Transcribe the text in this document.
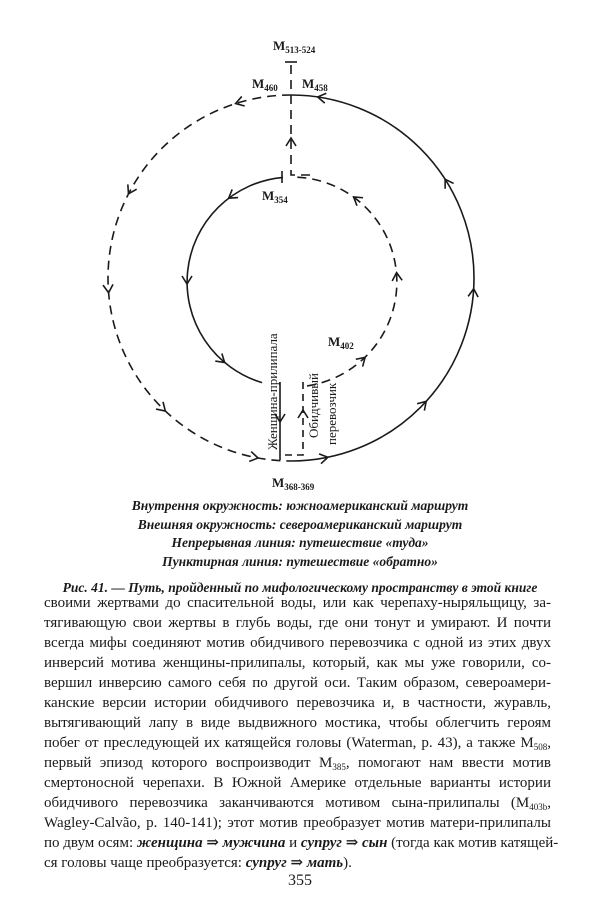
$M_{513-524}$
$M_{460}$ $M_{458}$
$M_{354}$
$M_{402}$
$M_{368-369}$
Женщина-прилипала Обидчивый перевозчик
Внутрення окружность: южноамериканский маршрут
Внешняя окружность: североамериканский маршрут
Непрерывная линия: путешествие «туда»
Пунктирная линия: путешествие «обратно»
Рис. 41. — Путь, пройденный по мифологическому пространству в этой книге
своими жертвами до спасительной воды, или как черепаху-ныряльщицу, за-
тягивающую свои жертвы в глубь воды, где они тонут и умирают. И почти
всегда мифы соединяют мотив обидчивого перевозчика с одной из этих двух
инверсий мотива женщины-прилипалы, который, как мы уже говорили, со-
вершил инверсию самого себя по другой оси. Таким образом, североамери-
канские версии истории обидчивого перевозчика и, в частности, журавль,
вытягивающий лапу в виде выдвижного мостика, чтобы облегчить героям
побег от преследующей их катящейся головы (Waterman, p. 43), а также $M_{508}$,
первый эпизод которого воспроизводит $M_{385}$, помогают нам ввести мотив
смертоносной черепахи. В Южной Америке отдельные варианты истории
обидчивого перевозчика заканчиваются мотивом сына-прилипалы ($M_{403b}$,
Wagley-Calvão, p. 140-141); этот мотив преобразует мотив матери-прилипалы
по двум осям: женщина ⇒ мужчина и супруг ⇒ сын (тогда как мотив катящей-
ся головы чаще преобразуется: супруг ⇒ мать).
355
